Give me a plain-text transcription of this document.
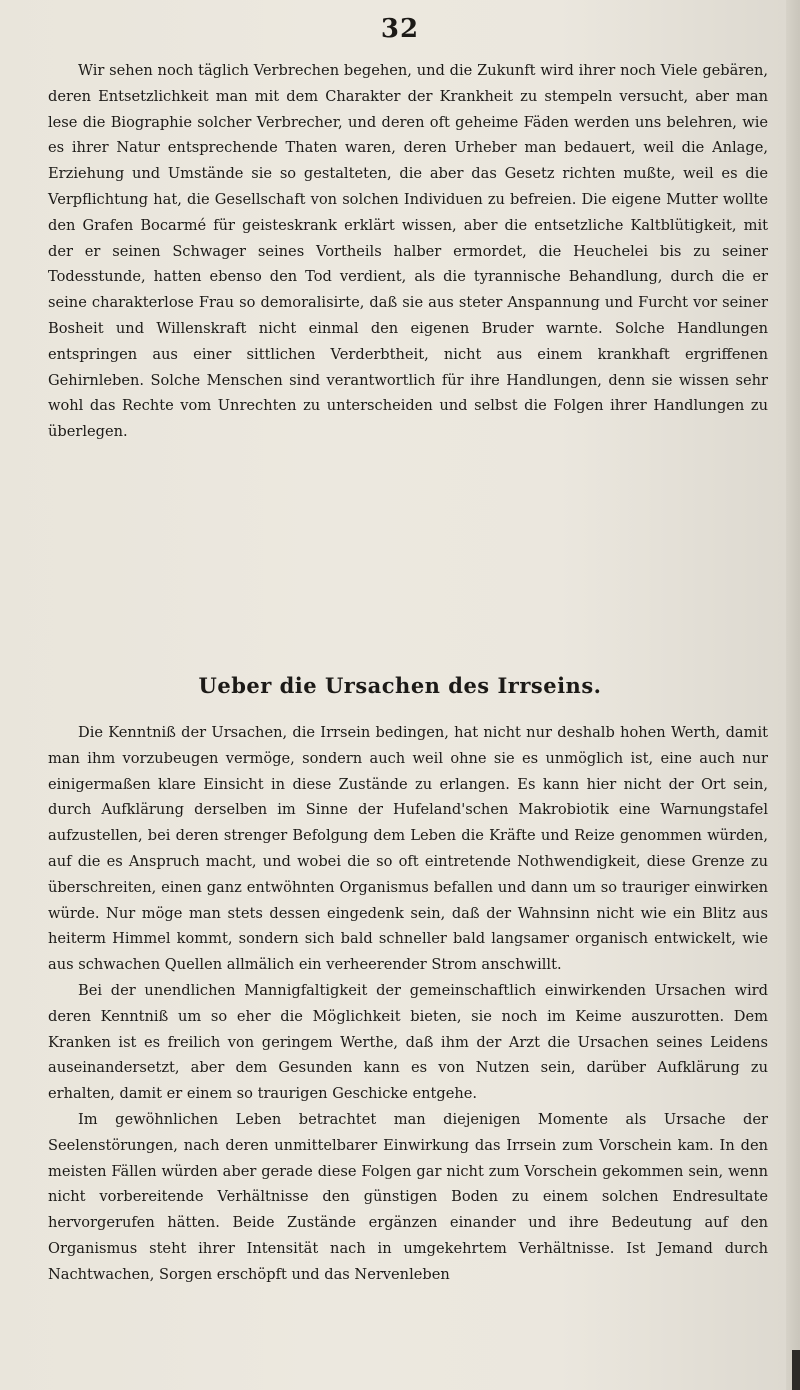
32

Wir sehen noch täglich Verbrechen begehen, und die Zukunft wird ihrer noch Viele gebären, deren Entsetzlichkeit man mit dem Charakter der Krankheit zu stempeln versucht, aber man lese die Biographie solcher Verbrecher, und deren oft geheime Fäden werden uns belehren, wie es ihrer Natur entsprechende Thaten waren, deren Urheber man bedauert, weil die Anlage, Erziehung und Umstände sie so gestalteten, die aber das Gesetz richten mußte, weil es die Verpflichtung hat, die Gesellschaft von solchen Individuen zu befreien. Die eigene Mutter wollte den Grafen Bocarmé für geisteskrank erklärt wissen, aber die entsetzliche Kaltblütigkeit, mit der er seinen Schwager seines Vortheils halber ermordet, die Heuchelei bis zu seiner Todesstunde, hatten ebenso den Tod verdient, als die tyrannische Behandlung, durch die er seine charakterlose Frau so demoralisirte, daß sie aus steter Anspannung und Furcht vor seiner Bosheit und Willenskraft nicht einmal den eigenen Bruder warnte. Solche Handlungen entspringen aus einer sittlichen Verderbtheit, nicht aus einem krankhaft ergriffenen Gehirnleben. Solche Menschen sind verantwortlich für ihre Handlungen, denn sie wissen sehr wohl das Rechte vom Unrechten zu unterscheiden und selbst die Folgen ihrer Handlungen zu überlegen.

Ueber die Ursachen des Irrseins.

Die Kenntniß der Ursachen, die Irrsein bedingen, hat nicht nur deshalb hohen Werth, damit man ihm vorzubeugen vermöge, sondern auch weil ohne sie es unmöglich ist, eine auch nur einigermaßen klare Einsicht in diese Zustände zu erlangen. Es kann hier nicht der Ort sein, durch Aufklärung derselben im Sinne der Hufeland'schen Makrobiotik eine Warnungstafel aufzustellen, bei deren strenger Befolgung dem Leben die Kräfte und Reize genommen würden, auf die es Anspruch macht, und wobei die so oft eintretende Nothwendigkeit, diese Grenze zu überschreiten, einen ganz entwöhnten Organismus befallen und dann um so trauriger einwirken würde. Nur möge man stets dessen eingedenk sein, daß der Wahnsinn nicht wie ein Blitz aus heiterm Himmel kommt, sondern sich bald schneller bald langsamer organisch entwickelt, wie aus schwachen Quellen allmälich ein verheerender Strom anschwillt.

Bei der unendlichen Mannigfaltigkeit der gemeinschaftlich einwirkenden Ursachen wird deren Kenntniß um so eher die Möglichkeit bieten, sie noch im Keime auszurotten. Dem Kranken ist es freilich von geringem Werthe, daß ihm der Arzt die Ursachen seines Leidens auseinandersetzt, aber dem Gesunden kann es von Nutzen sein, darüber Aufklärung zu erhalten, damit er einem so traurigen Geschicke entgehe.

Im gewöhnlichen Leben betrachtet man diejenigen Momente als Ursache der Seelenstörungen, nach deren unmittelbarer Einwirkung das Irrsein zum Vorschein kam. In den meisten Fällen würden aber gerade diese Folgen gar nicht zum Vorschein gekommen sein, wenn nicht vorbereitende Verhältnisse den günstigen Boden zu einem solchen Endresultate hervorgerufen hätten. Beide Zustände ergänzen einander und ihre Bedeutung auf den Organismus steht ihrer Intensität nach in umgekehrtem Verhältnisse. Ist Jemand durch Nachtwachen, Sorgen erschöpft und das Nervenleben
